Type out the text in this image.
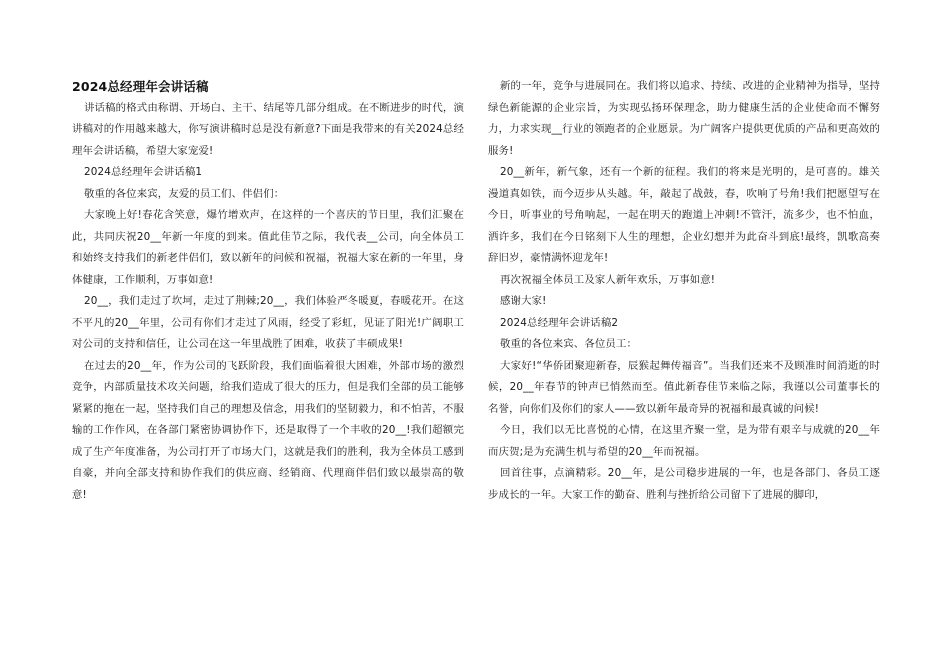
2024总经理年会讲话稿

讲话稿的格式由称谓、开场白、主干、结尾等几部分组成。在不断进步的时代，演讲稿对的作用越来越大，你写演讲稿时总是没有新意?下面是我带来的有关2024总经理年会讲话稿，希望大家宠爱!

2024总经理年会讲话稿1

敬重的各位来宾，友爱的员工们、伴侣们：

大家晚上好!春花含笑意，爆竹增欢声，在这样的一个喜庆的节日里，我们汇聚在此，共同庆祝20__年新一年度的到来。值此佳节之际，我代表__公司，向全体员工和始终支持我们的新老伴侣们，致以新年的问候和祝福，祝福大家在新的一年里，身体健康，工作顺利，万事如意!

20__，我们走过了坎坷，走过了荆棘;20__，我们体验严冬暖夏，春暖花开。在这不平凡的20__年里，公司有你们才走过了风雨，经受了彩虹，见证了阳光!广阔职工对公司的支持和信任，让公司在这一年里战胜了困难，收获了丰硕成果!

在过去的20__年，作为公司的飞跃阶段，我们面临着很大困难，外部市场的激烈竞争，内部质量技术攻关问题，给我们造成了很大的压力，但是我们全部的员工能够紧紧的拖在一起，坚持我们自己的理想及信念，用我们的坚韧毅力，和不怕苦，不服输的工作作风，在各部门紧密协调协作下，还是取得了一个丰收的20__!我们超额完成了生产年度准备，为公司打开了市场大门，这就是我们的胜利，我为全体员工感到自豪，并向全部支持和协作我们的供应商、经销商、代理商伴侣们致以最崇高的敬意!

新的一年，竞争与进展同在。我们将以追求、持续、改进的企业精神为指导，坚持绿色新能源的企业宗旨，为实现弘扬环保理念，助力健康生活的企业使命而不懈努力，力求实现__行业的领跑者的企业愿景。为广阔客户提供更优质的产品和更高效的服务!

20__新年，新气象，还有一个新的征程。我们的将来是光明的，是可喜的。雄关漫道真如铁，而今迈步从头越。年，敲起了战鼓，春，吹响了号角!我们把愿望写在今日，听事业的号角响起，一起在明天的跑道上冲刺!不管汗，流多少，也不怕血，洒许多，我们在今日铭刻下人生的理想，企业幻想并为此奋斗到底!最终，凯歌高奏辞旧岁，豪情满怀迎龙年!

再次祝福全体员工及家人新年欢乐，万事如意!

感谢大家!

2024总经理年会讲话稿2

敬重的各位来宾、各位员工：

大家好!“华侨团聚迎新春，辰猴起舞传福音”。当我们还来不及顾准时间消逝的时候，20__年春节的钟声已悄然而至。值此新春佳节来临之际，我谨以公司董事长的名誉，向你们及你们的家人——致以新年最奇异的祝福和最真诚的问候!

今日，我们以无比喜悦的心情，在这里齐聚一堂，是为带有艰辛与成就的20__年而庆贺;是为充满生机与希望的20__年而祝福。

回首往事，点滴精彩。20__年，是公司稳步进展的一年，也是各部门、各员工逐步成长的一年。大家工作的勤奋、胜利与挫折给公司留下了进展的脚印，
